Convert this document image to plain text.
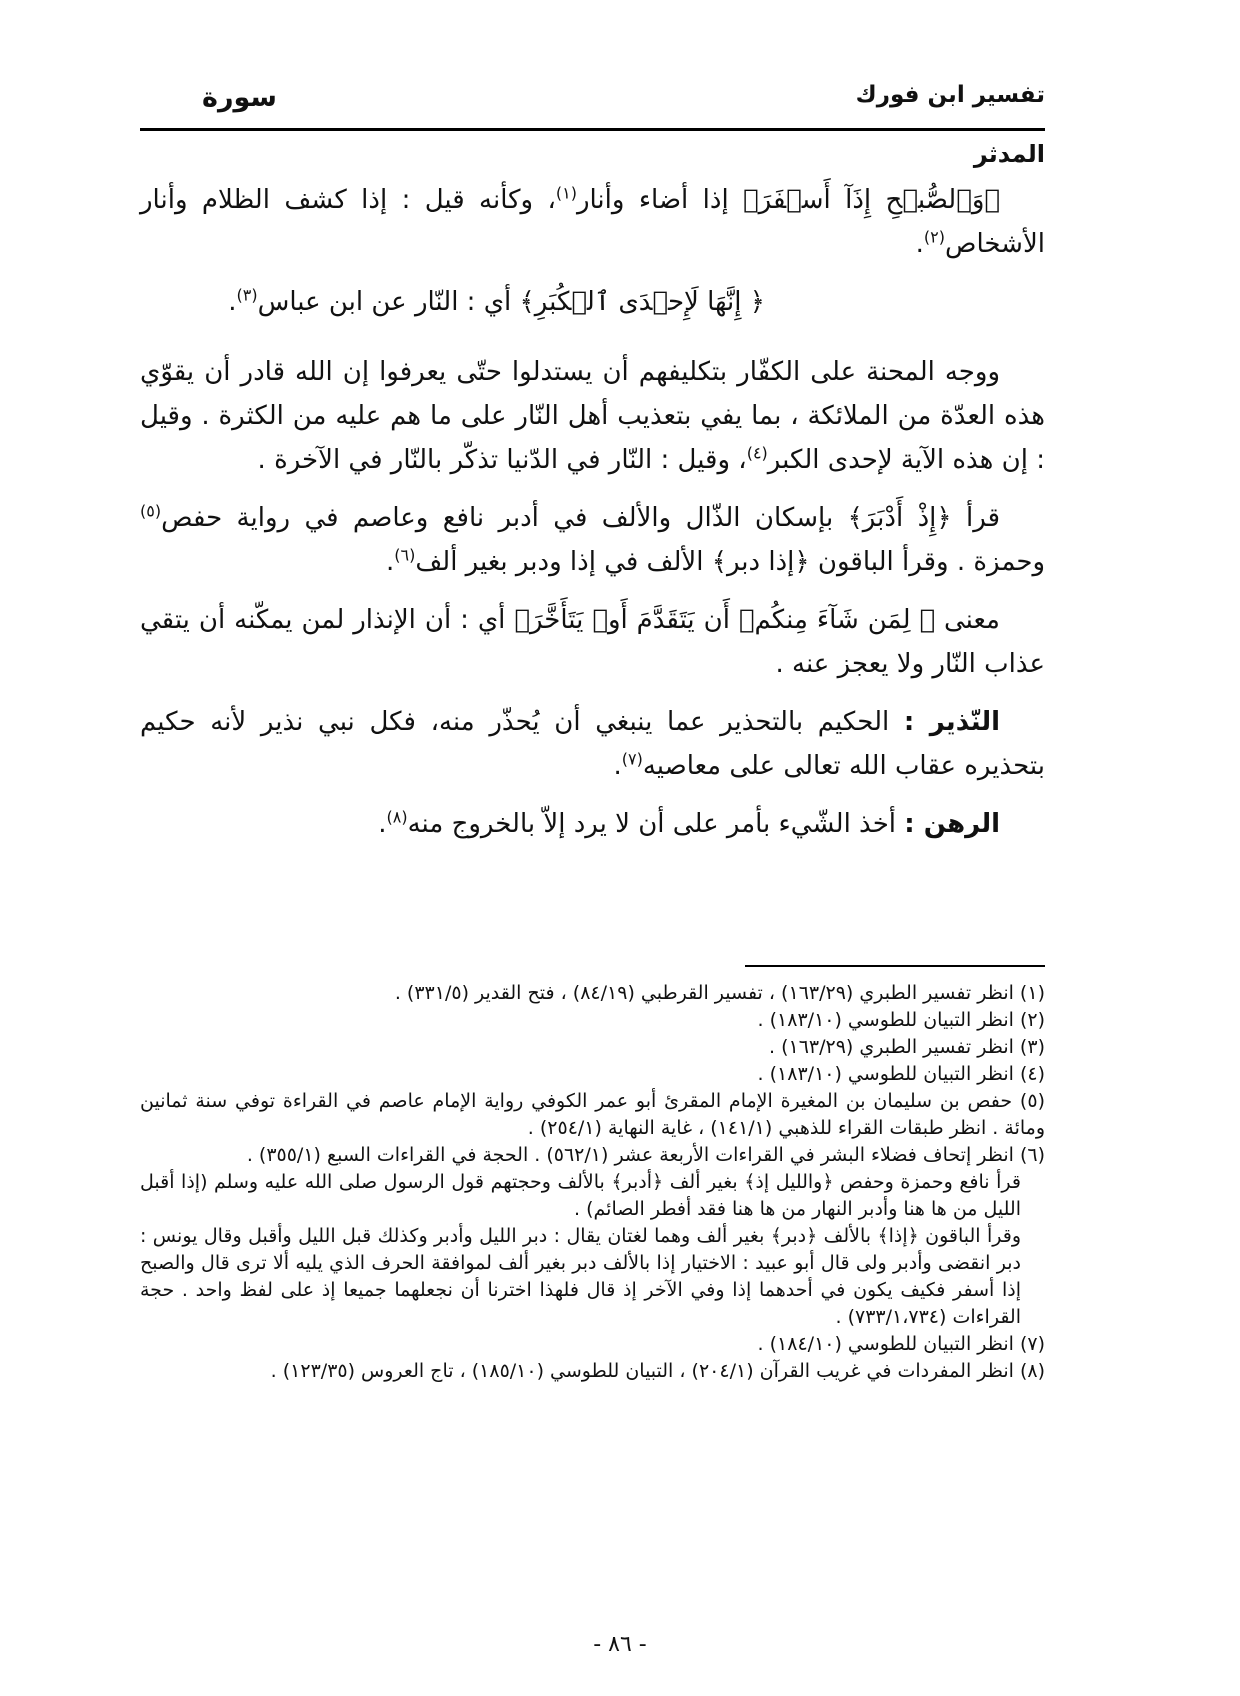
تفسير ابن فورك
سورة
المدثر

﴿وَٱلصُّبۡحِ إِذَآ أَسۡفَرَ﴾ إذا أضاء وأنار$^{(١)}$، وكأنه قيل : إذا كشف الظلام وأنار الأشخاص$^{(٢)}$.

﴿ إِنَّهَا لَإِحۡدَى ٱلۡكُبَرِ﴾ أي : النّار عن ابن عباس$^{(٣)}$.

ووجه المحنة على الكفّار بتكليفهم أن يستدلوا حتّى يعرفوا إن الله قادر أن يقوّي هذه العدّة من الملائكة ، بما يفي بتعذيب أهل النّار على ما هم عليه من الكثرة . وقيل : إن هذه الآية لإحدى الكبر$^{(٤)}$، وقيل : النّار في الدّنيا تذكّر بالنّار في الآخرة .

قرأ ﴿إِذْ أَدْبَرَ﴾ بإسكان الذّال والألف في أدبر نافع وعاصم في رواية حفص$^{(٥)}$ وحمزة . وقرأ الباقون ﴿إذا دبر﴾ الألف في إذا ودبر بغير ألف$^{(٦)}$.

معنى ﴿ لِمَن شَآءَ مِنكُمۡ أَن يَتَقَدَّمَ أَوۡ يَتَأَخَّرَ﴾ أي : أن الإنذار لمن يمكّنه أن يتقي عذاب النّار ولا يعجز عنه .

النّذير : الحكيم بالتحذير عما ينبغي أن يُحذّر منه، فكل نبي نذير لأنه حكيم بتحذيره عقاب الله تعالى على معاصيه$^{(٧)}$.

الرهن : أخذ الشّيء بأمر على أن لا يرد إلاّ بالخروج منه$^{(٨)}$.

(١) انظر تفسير الطبري (١٦٣/٢٩) ، تفسير القرطبي (٨٤/١٩) ، فتح القدير (٣٣١/٥) .
(٢) انظر التبيان للطوسي (١٨٣/١٠) .
(٣) انظر تفسير الطبري (١٦٣/٢٩) .
(٤) انظر التبيان للطوسي (١٨٣/١٠) .
(٥) حفص بن سليمان بن المغيرة الإمام المقرئ أبو عمر الكوفي رواية الإمام عاصم في القراءة توفي سنة ثمانين ومائة . انظر طبقات القراء للذهبي (١٤١/١) ، غاية النهاية (٢٥٤/١) .
(٦) انظر إتحاف فضلاء البشر في القراءات الأربعة عشر (٥٦٢/١) . الحجة في القراءات السبع (٣٥٥/١) .
قرأ نافع وحمزة وحفص ﴿والليل إذ﴾ بغير ألف ﴿أدبر﴾ بالألف وحجتهم قول الرسول صلى الله عليه وسلم (إذا أقبل الليل من ها هنا وأدبر النهار من ها هنا فقد أفطر الصائم) .
وقرأ الباقون ﴿إذا﴾ بالألف ﴿دبر﴾ بغير ألف وهما لغتان يقال : دبر الليل وأدبر وكذلك قبل الليل وأقبل وقال يونس : دبر انقضى وأدبر ولى قال أبو عبيد : الاختيار إذا بالألف دبر بغير ألف لموافقة الحرف الذي يليه ألا ترى قال والصبح إذا أسفر فكيف يكون في أحدهما إذا وفي الآخر إذ قال فلهذا اخترنا أن نجعلهما جميعا إذ على لفظ واحد . حجة القراءات (٧٣٣/١،٧٣٤) .
(٧) انظر التبيان للطوسي (١٨٤/١٠) .
(٨) انظر المفردات في غريب القرآن (٢٠٤/١) ، التبيان للطوسي (١٨٥/١٠) ، تاج العروس (١٢٣/٣٥) .
- ٨٦ -
